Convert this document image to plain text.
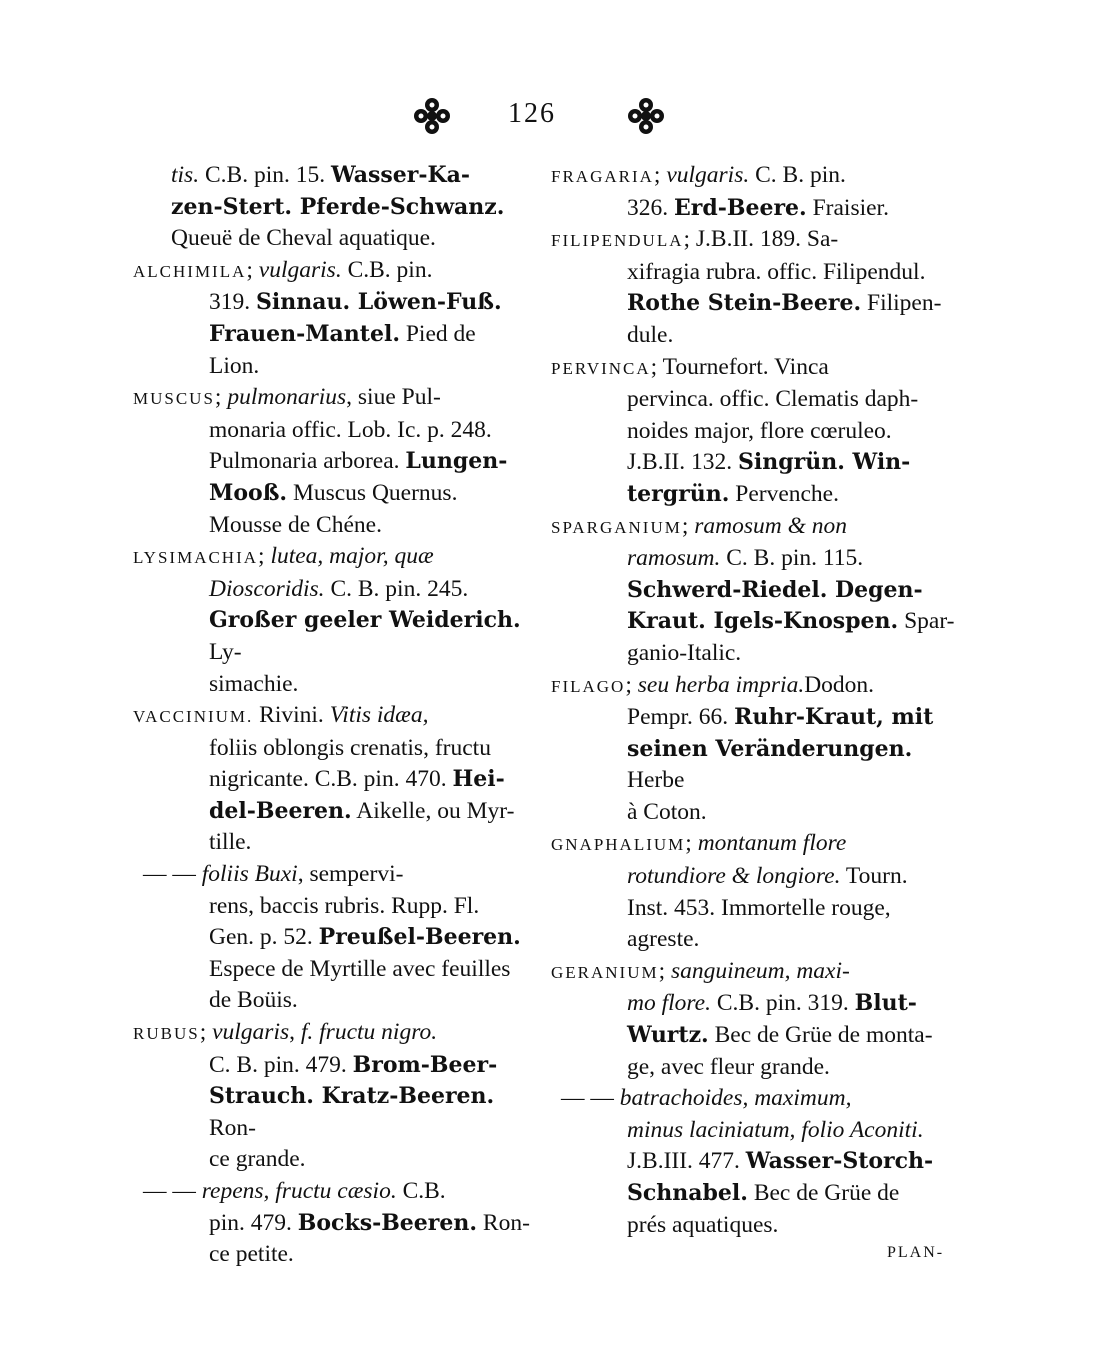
126
tis. C.B. pin. 15. Wasser-Ka-
zen-Stert. Pferde-Schwanz.
Queuë de Cheval aquatique.
ALCHIMILA; vulgaris. C.B. pin.
319. Sinnau. Löwen-Fuß.
Frauen-Mantel. Pied de
Lion.
MUSCUS; pulmonarius, siue Pul-
monaria offic. Lob. Ic. p. 248.
Pulmonaria arborea. Lungen-
Mooß. Muscus Quernus.
Mousse de Chéne.
LYSIMACHIA; lutea, major, quæ
Dioscoridis. C. B. pin. 245.
Großer geeler Weiderich. Ly-
simachie.
VACCINIUM. Rivini. Vitis idæa,
foliis oblongis crenatis, fructu
nigricante. C.B. pin. 470. Hei-
del-Beeren. Aikelle, ou Myr-
tille.
— — foliis Buxi, sempervi-
rens, baccis rubris. Rupp. Fl.
Gen. p. 52. Preußel-Beeren.
Espece de Myrtille avec feuilles
de Boüis.
RUBUS; vulgaris, f. fructu nigro.
C. B. pin. 479. Brom-Beer-
Strauch. Kratz-Beeren. Ron-
ce grande.
— — repens, fructu cæsio. C.B.
pin. 479. Bocks-Beeren. Ron-
ce petite.
FRAGARIA; vulgaris. C. B. pin.
326. Erd-Beere. Fraisier.
FILIPENDULA; J.B.II. 189. Sa-
xifragia rubra. offic. Filipendul.
Rothe Stein-Beere. Filipen-
dule.
PERVINCA; Tournefort. Vinca
pervinca. offic. Clematis daph-
noides major, flore cœruleo.
J.B.II. 132. Singrün. Win-
tergrün. Pervenche.
SPARGANIUM; ramosum & non
ramosum. C. B. pin. 115.
Schwerd-Riedel. Degen-
Kraut. Igels-Knospen. Spar-
ganio-Italic.
FILAGO; seu herba impria.Dodon.
Pempr. 66. Ruhr-Kraut, mit
seinen Veränderungen. Herbe
à Coton.
GNAPHALIUM; montanum flore
rotundiore & longiore. Tourn.
Inst. 453. Immortelle rouge,
agreste.
GERANIUM; sanguineum, maxi-
mo flore. C.B. pin. 319. Blut-
Wurtz. Bec de Grüe de monta-
ge, avec fleur grande.
— — batrachoides, maximum,
minus laciniatum, folio Aconiti.
J.B.III. 477. Wasser-Storch-
Schnabel. Bec de Grüe de
prés aquatiques.
PLAN-
